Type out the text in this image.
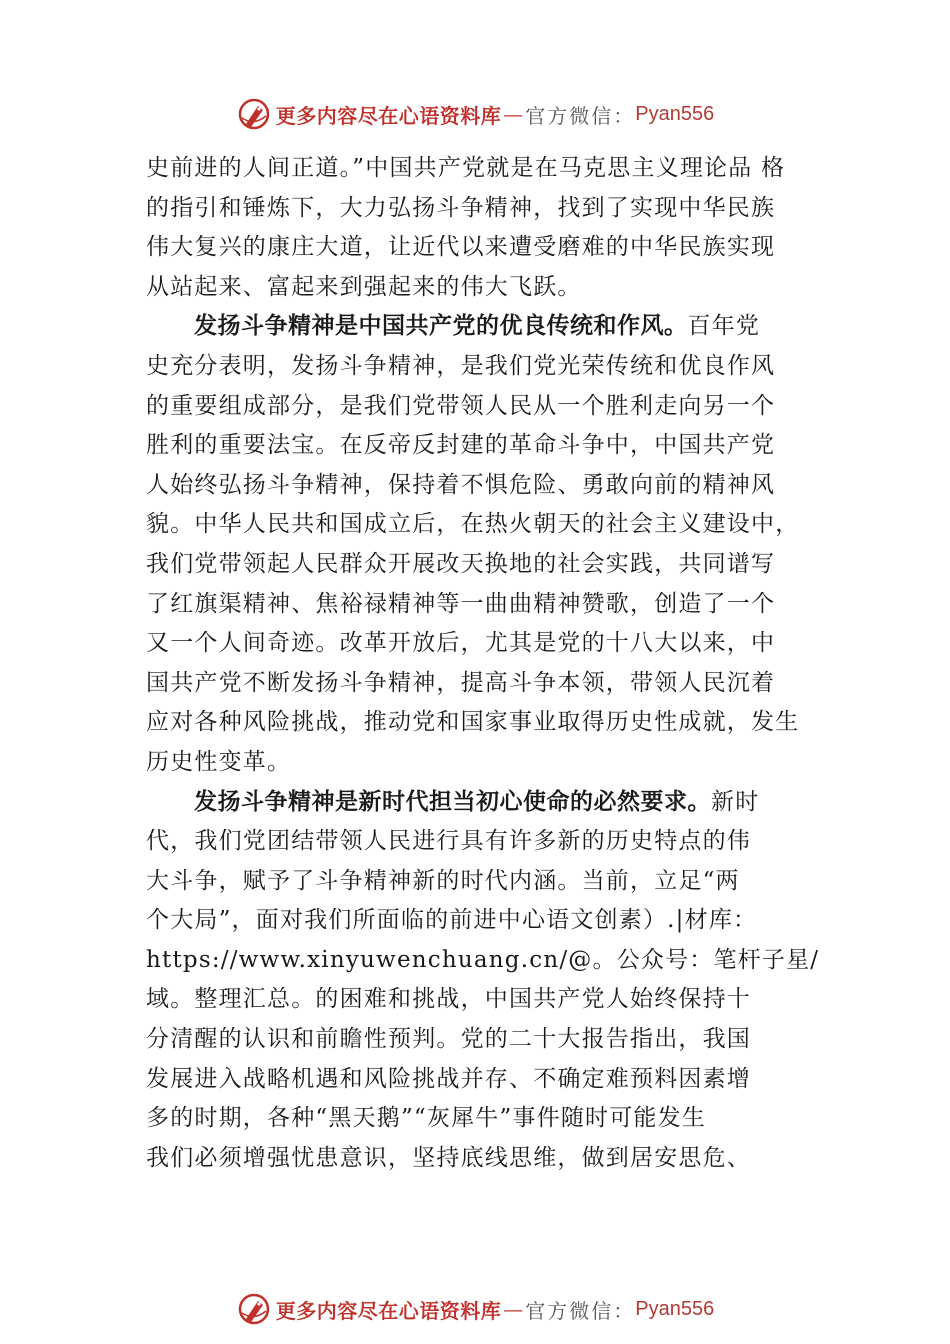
更多内容尽在心语资料库 — 官方微信： Pyan556
史前进的人间正道。”中国共产党就是在马克思主义理论品 格
的指引和锤炼下，大力弘扬斗争精神，找到了实现中华民族
伟大复兴的康庄大道，让近代以来遭受磨难的中华民族实现
从站起来、富起来到强起来的伟大飞跃。
发扬斗争精神是中国共产党的优良传统和作风。百年党
史充分表明，发扬斗争精神，是我们党光荣传统和优良作风
的重要组成部分，是我们党带领人民从一个胜利走向另一个
胜利的重要法宝。在反帝反封建的革命斗争中，中国共产党
人始终弘扬斗争精神，保持着不惧危险、勇敢向前的精神风
貌。中华人民共和国成立后，在热火朝天的社会主义建设中，
我们党带领起人民群众开展改天换地的社会实践，共同谱写
了红旗渠精神、焦裕禄精神等一曲曲精神赞歌，创造了一个
又一个人间奇迹。改革开放后，尤其是党的十八大以来，中
国共产党不断发扬斗争精神，提高斗争本领，带领人民沉着
应对各种风险挑战，推动党和国家事业取得历史性成就，发生
历史性变革。
发扬斗争精神是新时代担当初心使命的必然要求。新时
代，我们党团结带领人民进行具有许多新的历史特点的伟
大斗争，赋予了斗争精神新的时代内涵。当前，立足“两
个大局”，面对我们所面临的前进中心语文创素）.|材库：
https://www.xinyuwenchuang.cn/@。公众号：笔杆子星/
域。整理汇总。的困难和挑战，中国共产党人始终保持十
分清醒的认识和前瞻性预判。党的二十大报告指出，我国
发展进入战略机遇和风险挑战并存、不确定难预料因素增
多的时期，各种“黑天鹅”“灰犀牛”事件随时可能发生
我们必须增强忧患意识，坚持底线思维，做到居安思危、
更多内容尽在心语资料库 — 官方微信： Pyan556
